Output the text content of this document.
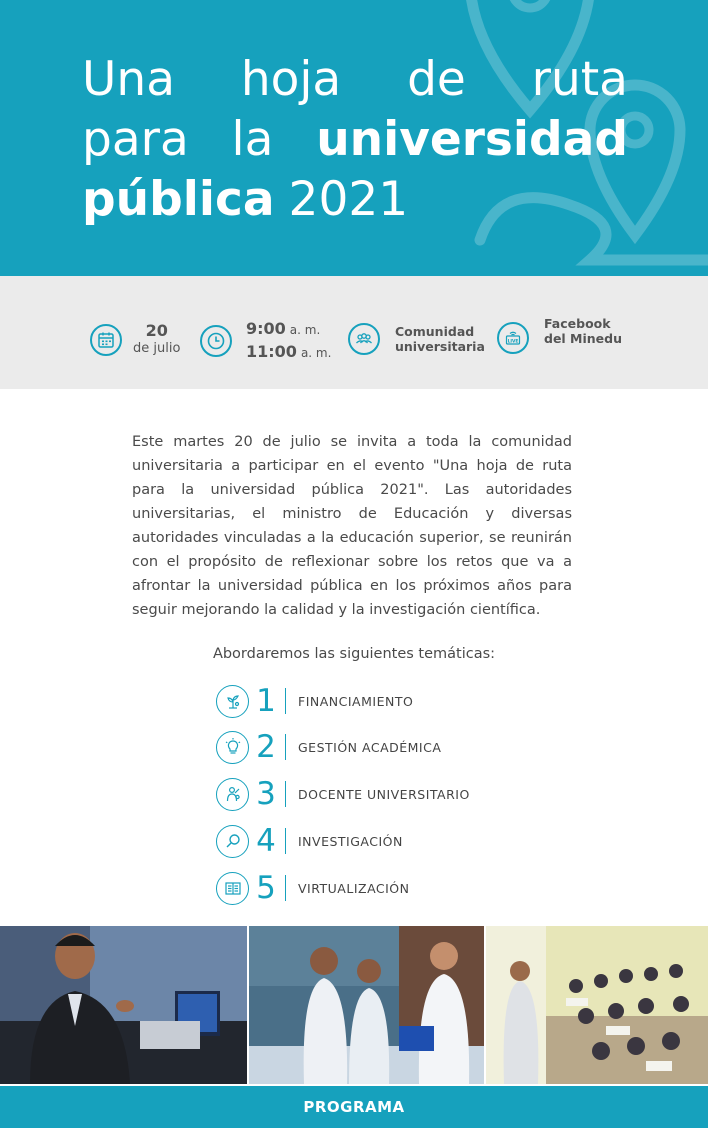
Una hoja de ruta
para la universidad
pública 2021
20
de julio
9:00 a. m.
11:00 a. m.
Comunidad
universitaria	LIVE
Facebook
del Minedu
Este martes 20 de julio se invita a toda la comunidad universitaria a participar en el evento "Una hoja de ruta para la universidad pública 2021". Las autoridades universitarias, el ministro de Educación y diversas autoridades vinculadas a la educación superior, se reunirán con el propósito de reflexionar sobre los retos que va a afrontar la universidad pública en los próximos años para seguir mejorando la calidad y la investigación científica.
Abordaremos las siguientes temáticas:
1	FINANCIAMIENTO
2	GESTIÓN ACADÉMICA
3	DOCENTE UNIVERSITARIO
4	INVESTIGACIÓN
5	VIRTUALIZACIÓN
PROGRAMA
